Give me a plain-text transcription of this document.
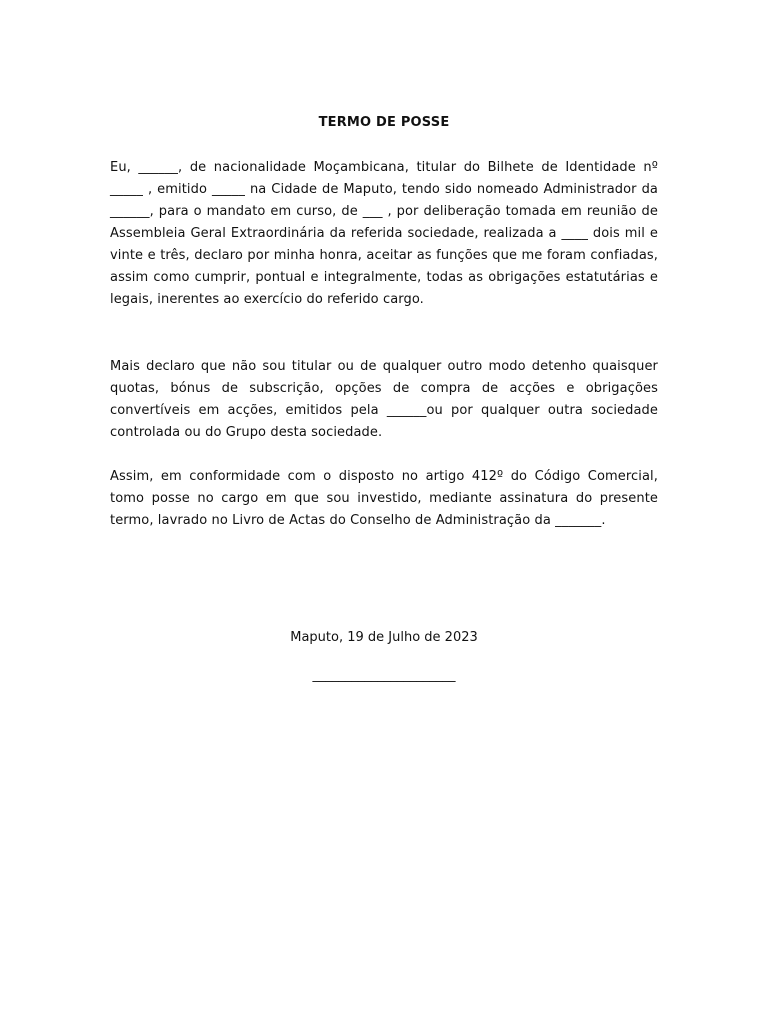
TERMO DE POSSE

Eu, ______, de nacionalidade Moçambicana, titular do Bilhete de Identidade nº _____ , emitido _____ na Cidade de Maputo, tendo sido nomeado Administrador da ______, para o mandato em curso, de ___ , por deliberação tomada em reunião de Assembleia Geral Extraordinária da referida sociedade, realizada a ____ dois mil e vinte e três, declaro por minha honra, aceitar as funções que me foram confiadas, assim como cumprir, pontual e integralmente, todas as obrigações estatutárias e legais, inerentes ao exercício do referido cargo.

Mais declaro que não sou titular ou de qualquer outro modo detenho quaisquer quotas, bónus de subscrição, opções de compra de acções e obrigações convertíveis em acções, emitidos pela ______ou por qualquer outra sociedade controlada ou do Grupo desta sociedade.

Assim, em conformidade com o disposto no artigo 412º do Código Comercial, tomo posse no cargo em que sou investido, mediante assinatura do presente termo, lavrado no Livro de Actas do Conselho de Administração da _______.

Maputo, 19 de Julho de 2023
______________________
